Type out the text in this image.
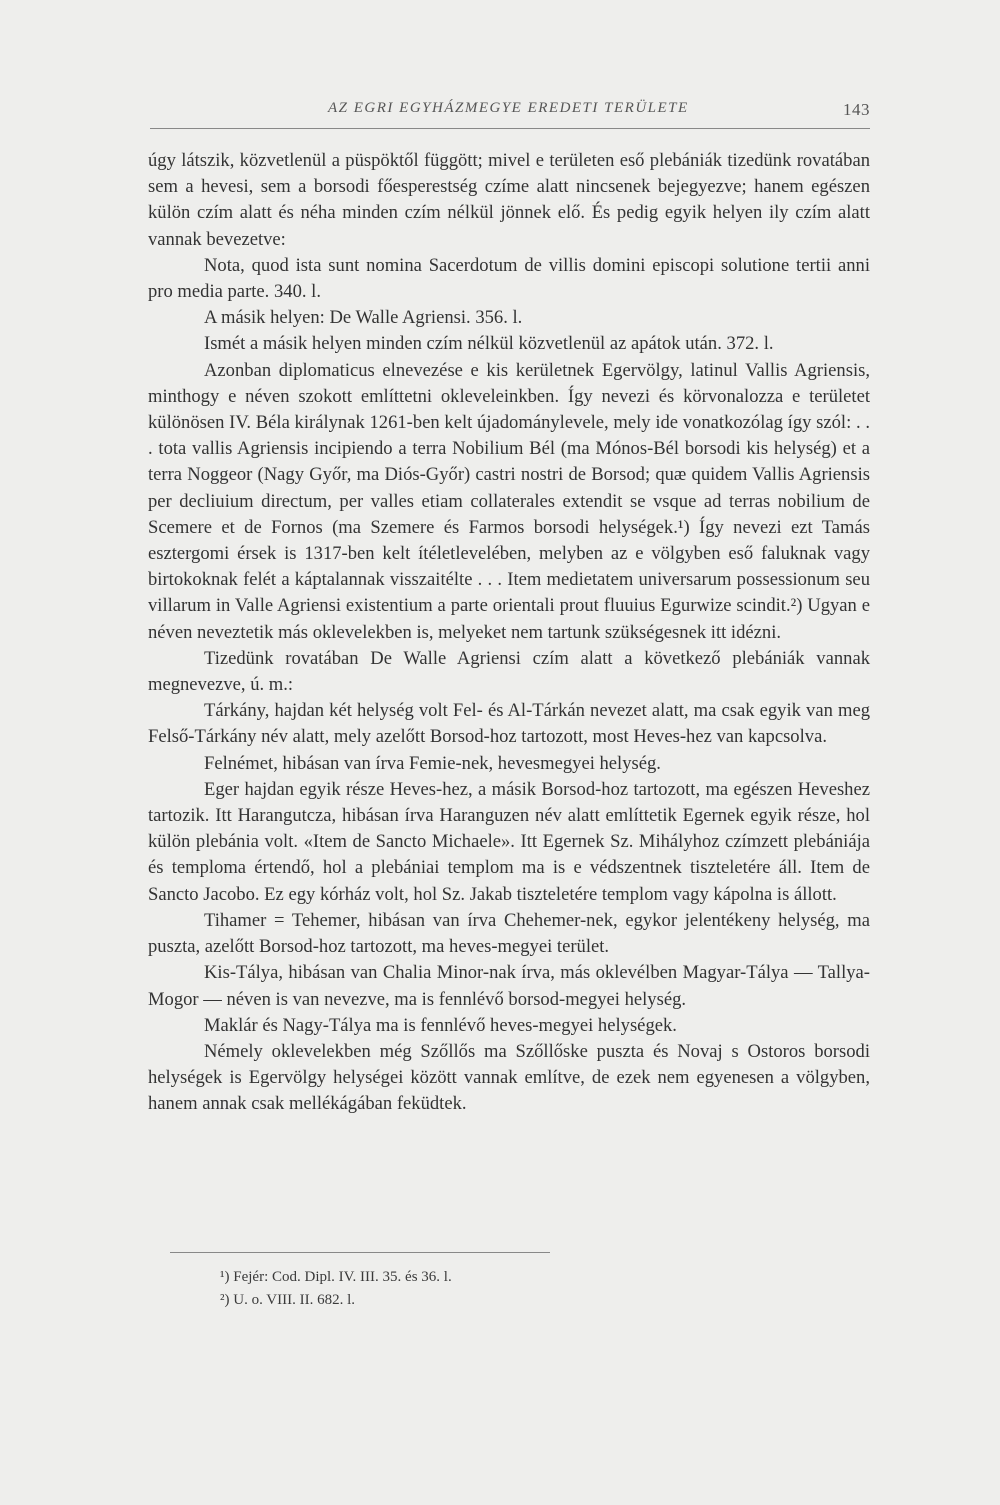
AZ EGRI EGYHÁZMEGYE EREDETI TERÜLETE	143

úgy látszik, közvetlenül a püspöktől függött; mivel e területen eső plebániák tizedünk rovatában sem a hevesi, sem a borsodi főesperestség czíme alatt nincsenek bejegyezve; hanem egészen külön czím alatt és néha minden czím nélkül jönnek elő. És pedig egyik helyen ily czím alatt vannak bevezetve:

Nota, quod ista sunt nomina Sacerdotum de villis domini episcopi solutione tertii anni pro media parte. 340. l.

A másik helyen: De Walle Agriensi. 356. l.

Ismét a másik helyen minden czím nélkül közvetlenül az apátok után. 372. l.

Azonban diplomaticus elnevezése e kis kerületnek Egervölgy, latinul Vallis Agriensis, minthogy e néven szokott említtetni okleveleinkben. Így nevezi és körvonalozza e területet különösen IV. Béla királynak 1261-ben kelt újadománylevele, mely ide vonatkozólag így szól: . . . tota vallis Agriensis incipiendo a terra Nobilium Bél (ma Mónos-Bél borsodi kis helység) et a terra Noggeor (Nagy Győr, ma Diós-Győr) castri nostri de Borsod; quæ quidem Vallis Agriensis per decliuium directum, per valles etiam collaterales extendit se vsque ad terras nobilium de Scemere et de Fornos (ma Szemere és Farmos borsodi helységek.¹) Így nevezi ezt Tamás esztergomi érsek is 1317-ben kelt ítéletlevelében, melyben az e völgyben eső faluknak vagy birtokoknak felét a káptalannak visszaitélte . . . Item medietatem universarum possessionum seu villarum in Valle Agriensi existentium a parte orientali prout fluuius Egurwize scindit.²) Ugyan e néven neveztetik más oklevelekben is, melyeket nem tartunk szükségesnek itt idézni.

Tizedünk rovatában De Walle Agriensi czím alatt a következő plebániák vannak megnevezve, ú. m.:

Tárkány, hajdan két helység volt Fel- és Al-Tárkán nevezet alatt, ma csak egyik van meg Felső-Tárkány név alatt, mely azelőtt Borsod-hoz tartozott, most Heves-hez van kapcsolva.

Felnémet, hibásan van írva Femie-nek, hevesmegyei helység.

Eger hajdan egyik része Heves-hez, a másik Borsod-hoz tartozott, ma egészen Heveshez tartozik. Itt Harangutcza, hibásan írva Haranguzen név alatt említtetik Egernek egyik része, hol külön plebánia volt. «Item de Sancto Michaele». Itt Egernek Sz. Mihályhoz czímzett plebániája és temploma értendő, hol a plebániai templom ma is e védszentnek tiszteletére áll. Item de Sancto Jacobo. Ez egy kórház volt, hol Sz. Jakab tiszteletére templom vagy kápolna is állott.

Tihamer = Tehemer, hibásan van írva Chehemer-nek, egykor jelentékeny helység, ma puszta, azelőtt Borsod-hoz tartozott, ma heves-megyei terület.

Kis-Tálya, hibásan van Chalia Minor-nak írva, más oklevélben Magyar-Tálya — Tallya-Mogor — néven is van nevezve, ma is fennlévő borsod-megyei helység.

Maklár és Nagy-Tálya ma is fennlévő heves-megyei helységek.

Némely oklevelekben még Szőllős ma Szőllőske puszta és Novaj s Ostoros borsodi helységek is Egervölgy helységei között vannak említve, de ezek nem egyenesen a völgyben, hanem annak csak mellékágában feküdtek.

¹) Fejér: Cod. Dipl. IV. III. 35. és 36. l.
²) U. o. VIII. II. 682. l.
